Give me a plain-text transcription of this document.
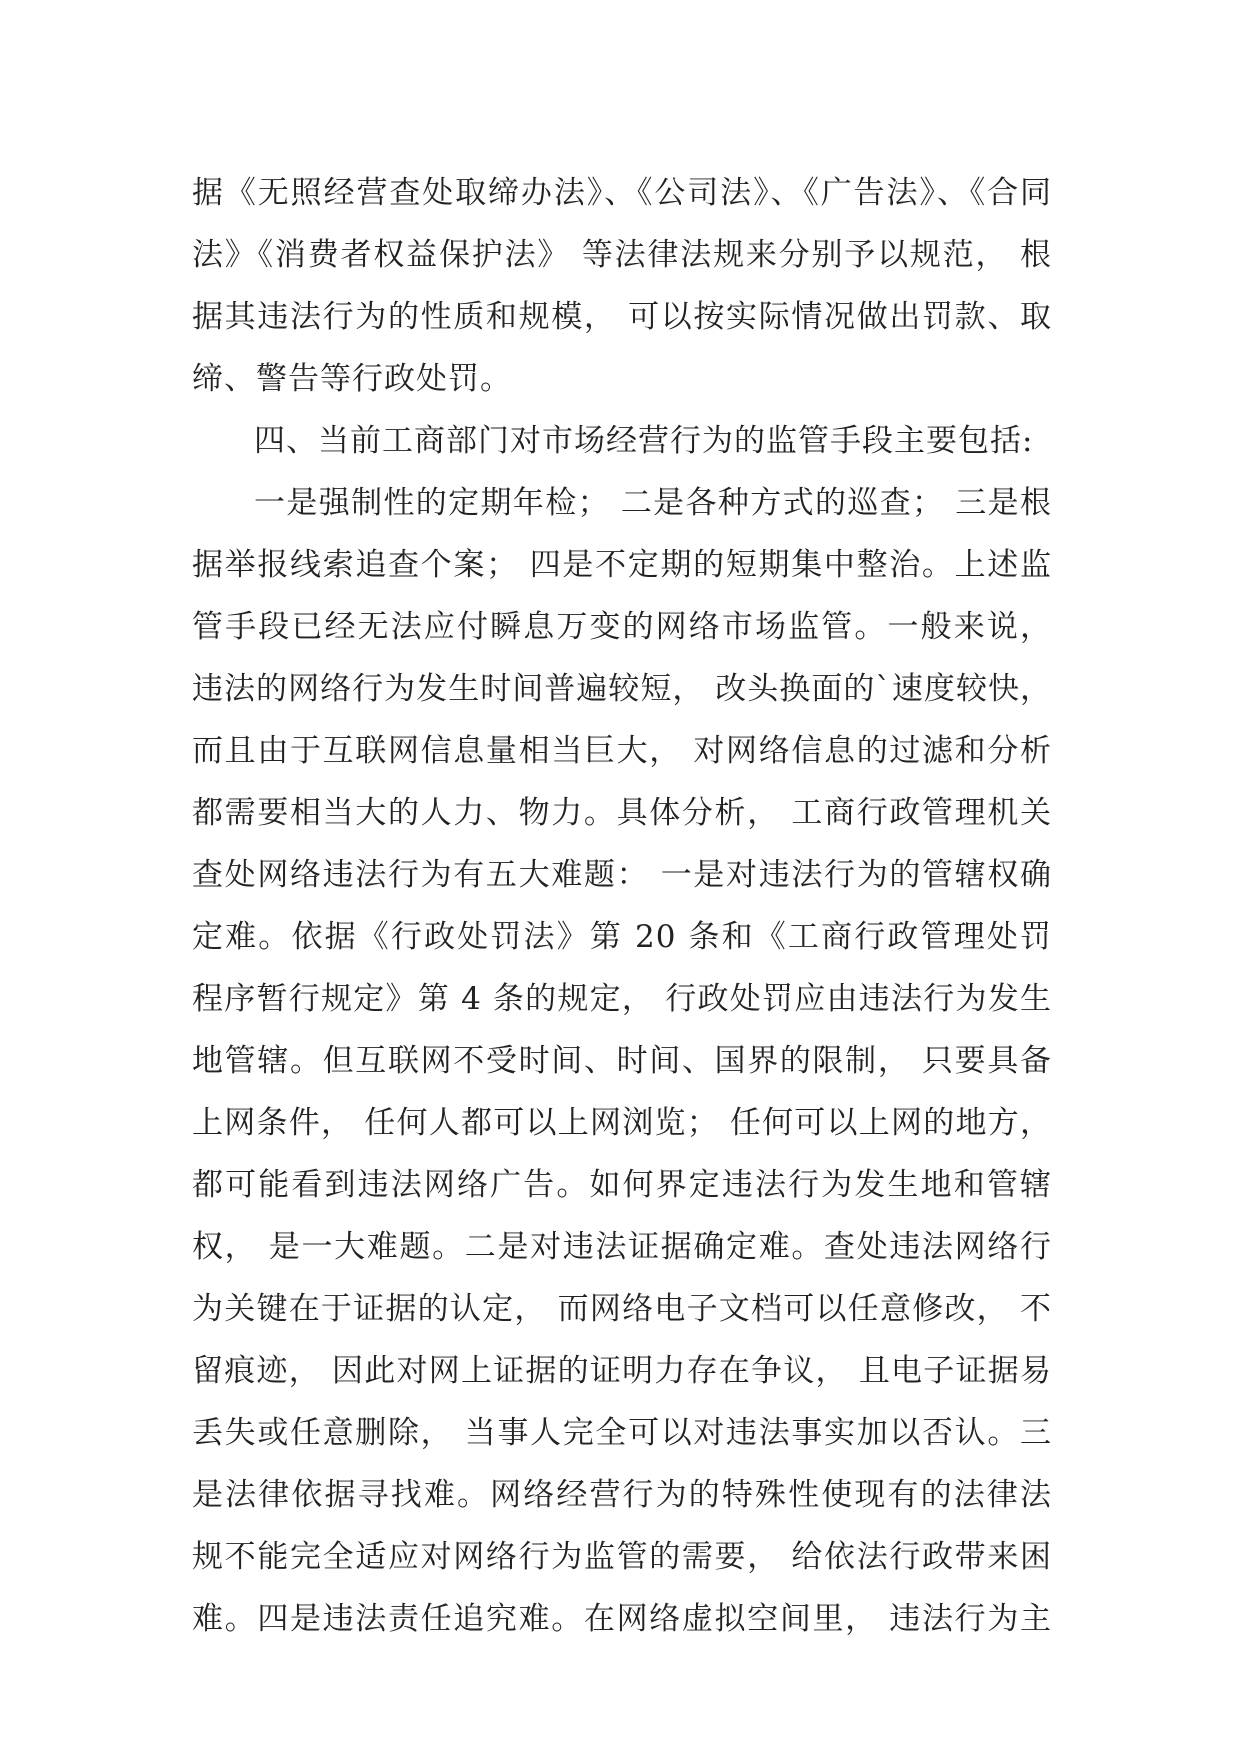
据《无照经营查处取缔办法》、《公司法》、《广告法》、《合同
法》《消费者权益保护法》 等法律法规来分别予以规范， 根
据其违法行为的性质和规模， 可以按实际情况做出罚款、取
缔、警告等行政处罚。
四、当前工商部门对市场经营行为的监管手段主要包括:
一是强制性的定期年检； 二是各种方式的巡查； 三是根
据举报线索追查个案； 四是不定期的短期集中整治。上述监
管手段已经无法应付瞬息万变的网络市场监管。一般来说，
违法的网络行为发生时间普遍较短， 改头换面的`速度较快，
而且由于互联网信息量相当巨大， 对网络信息的过滤和分析
都需要相当大的人力、物力。具体分析， 工商行政管理机关
查处网络违法行为有五大难题： 一是对违法行为的管辖权确
定难。依据《行政处罚法》第 20 条和《工商行政管理处罚
程序暂行规定》第 4 条的规定， 行政处罚应由违法行为发生
地管辖。但互联网不受时间、时间、国界的限制， 只要具备
上网条件， 任何人都可以上网浏览； 任何可以上网的地方，
都可能看到违法网络广告。如何界定违法行为发生地和管辖
权， 是一大难题。二是对违法证据确定难。查处违法网络行
为关键在于证据的认定， 而网络电子文档可以任意修改， 不
留痕迹， 因此对网上证据的证明力存在争议， 且电子证据易
丢失或任意删除， 当事人完全可以对违法事实加以否认。三
是法律依据寻找难。网络经营行为的特殊性使现有的法律法
规不能完全适应对网络行为监管的需要， 给依法行政带来困
难。四是违法责任追究难。在网络虚拟空间里， 违法行为主
